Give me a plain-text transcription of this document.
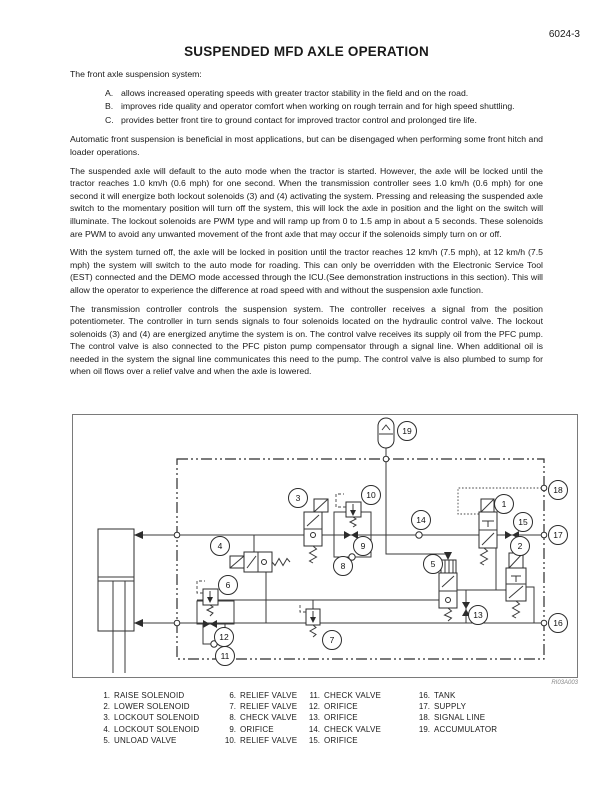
6024-3
SUSPENDED MFD AXLE OPERATION

The front axle suspension system:

A. allows increased operating speeds with greater tractor stability in the field and on the road.
B. improves ride quality and operator comfort when working on rough terrain and for high speed shuttling.
C. provides better front tire to ground contact for improved tractor control and prolonged tire life.

Automatic front suspension is beneficial in most applications, but can be disengaged when performing some front hitch and loader operations.

The suspended axle will default to the auto mode when the tractor is started. However, the axle will be locked until the tractor reaches 1.0 km/h (0.6 mph) for one second. When the transmission controller sees 1.0 km/h (0.6 mph) for one second it will energize both lockout solenoids (3) and (4) activating the system. Pressing and releasing the suspended axle switch to the momentary position will turn off the system, this will lock the axle in position and the light on the switch will illuminate. The lockout solenoids are PWM type and will ramp up from 0 to 1.5 amp in about a 5 seconds. These solenoids are PWM to avoid any unwanted movement of the front axle that may occur if the solenoids simply turn on or off.

With the system turned off, the axle will be locked in position until the tractor reaches 12 km/h (7.5 mph), at 12 km/h (7.5 mph) the system will switch to the auto mode for roading. This can only be overridden with the Electronic Service Tool (EST) connected and the DEMO mode accessed through the ICU.(See demonstration instructions in this section). This will allow the operator to experience the difference at road speed with and without the suspension axle function.

The transmission controller controls the suspension system. The controller receives a signal from the position potentiometer. The controller in turn sends signals to four solenoids located on the hydraulic control valve. The lockout solenoids (3) and (4) are energized anytime the system is on. The control valve receives its supply oil from the PFC pump. The control valve is also connected to the PFC piston pump compensator through a signal line. When additional oil is needed in the system the signal line communicates this need to the pump. The control valve is also plumbed to sump for when oil flows over a relief valve and when the axle is lowered.

19
3	10
14
1
15
18
17
2
16
4	9
8	5
13
6
12
11
7
RI03A003
1. RAISE SOLENOID
2. LOWER SOLENOID
3. LOCKOUT SOLENOID
4. LOCKOUT SOLENOID
5. UNLOAD VALVE
6. RELIEF VALVE
7. RELIEF VALVE
8. CHECK VALVE
9. ORIFICE
10. RELIEF VALVE
11. CHECK VALVE
12. ORIFICE
13. ORIFICE
14. CHECK VALVE
15. ORIFICE
16. TANK
17. SUPPLY
18. SIGNAL LINE
19. ACCUMULATOR
